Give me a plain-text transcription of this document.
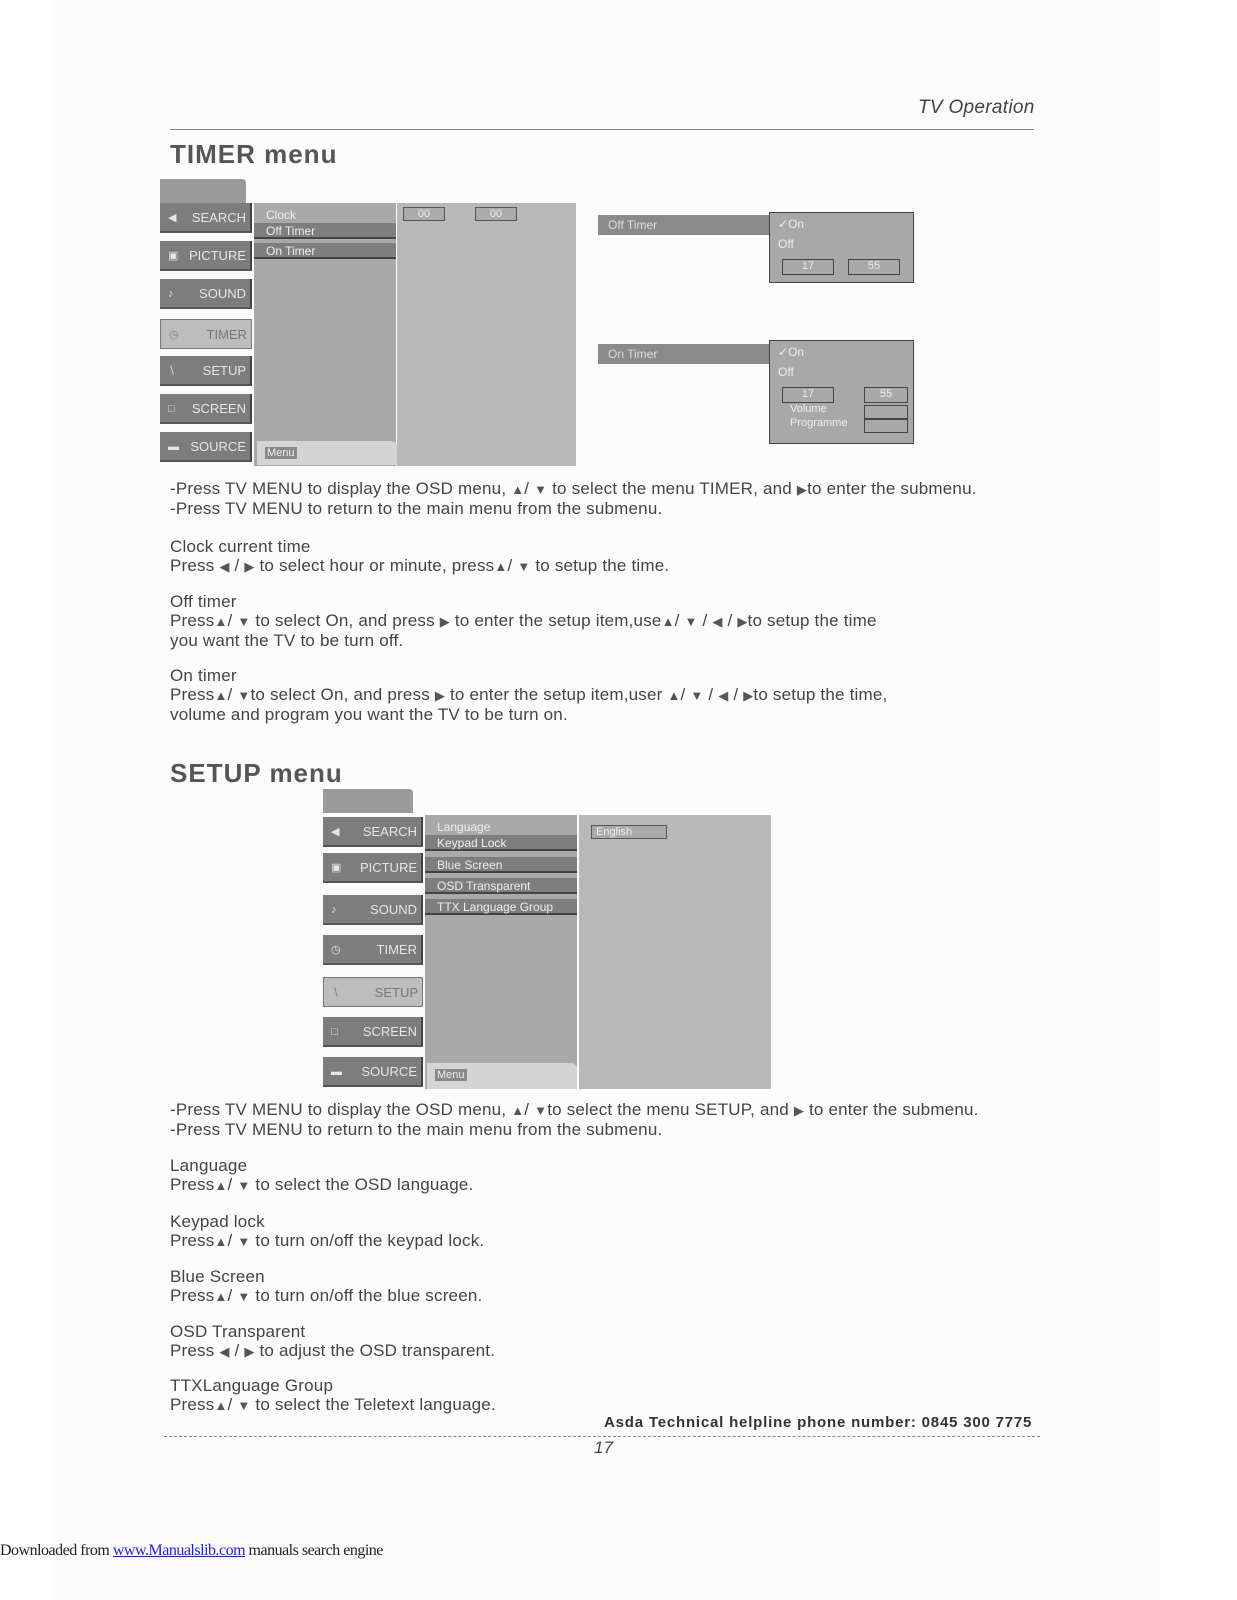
TV Operation
TIMER menu
◀ SEARCH
▣ PICTURE
♪ SOUND
◷ TIMER
∖ SETUP
□ SCREEN
▬ SOURCE
Clock
Off Timer
On Timer
00	00
Menu
Off Timer	✓On
Off
17	55
On Timer	✓On
Off
17	55
Volume
Programme
-Press TV MENU to display the OSD menu, ▲/ ▼ to select the menu TIMER, and ▶to enter the submenu.
-Press TV MENU to return to the main menu from the submenu.
Clock current time
Press ◀ / ▶ to select hour or minute, press▲/ ▼ to setup the time.
Off timer
Press▲/ ▼ to select On, and press ▶ to enter the setup item,use▲/ ▼ / ◀ / ▶to setup the time
you want the TV to be turn off.
On timer
Press▲/ ▼to select On, and press ▶ to enter the setup item,user ▲/ ▼ / ◀ / ▶to setup the time,
volume and program you want the TV to be turn on.
SETUP menu
◀ SEARCH
▣ PICTURE
♪	SOUND
◷	TIMER
∖	SETUP
□ SCREEN
▬ SOURCE
Language
Keypad Lock
Blue Screen
OSD Transparent
TTX Language Group
English
Menu
-Press TV MENU to display the OSD menu, ▲/ ▼to select the menu SETUP, and ▶ to enter the submenu.
-Press TV MENU to return to the main menu from the submenu.
Language
Press▲/ ▼ to select the OSD language.
Keypad lock
Press▲/ ▼ to turn on/off the keypad lock.
Blue Screen
Press▲/ ▼ to turn on/off the blue screen.
OSD Transparent
Press ◀ / ▶ to adjust the OSD transparent.
TTXLanguage Group
Press▲/ ▼ to select the Teletext language.
Asda Technical helpline phone number: 0845 300 7775
17
Downloaded from www.Manualslib.com manuals search engine
